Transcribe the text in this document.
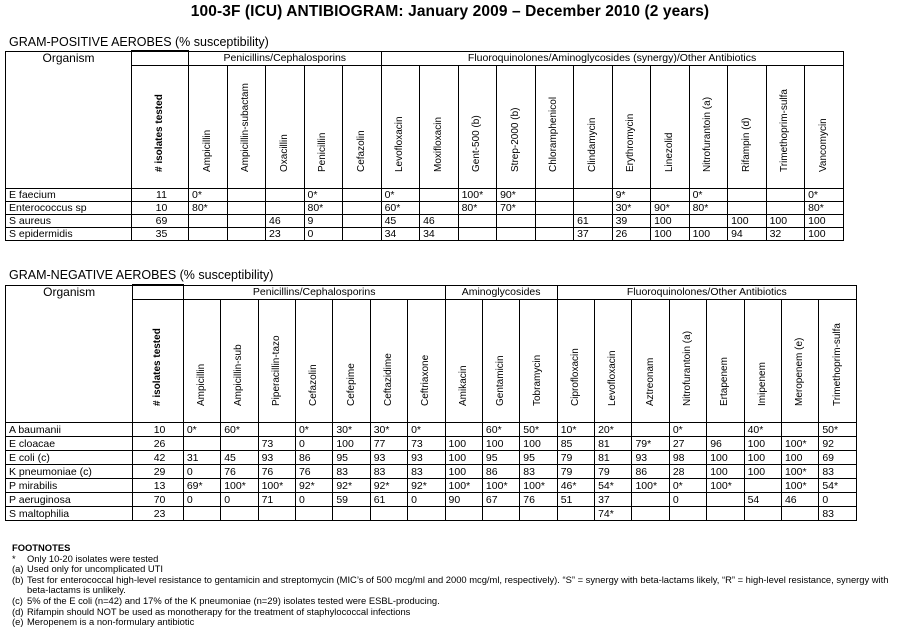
100-3F (ICU) ANTIBIOGRAM: January 2009 – December 2010 (2 years)
GRAM-POSITIVE AEROBES (% susceptibility)
Organism		Penicillins/Cephalosporins					Fluoroquinolones/Aminoglycosides (synergy)/Other Antibiotics											

	# isolates tested	Ampicillin	Ampicillin-subactam	Oxacillin	Penicillin	Cefazolin	Levofloxacin	Moxifloxacin	Gent-500 (b)	Strep-2000 (b)	Chloramphenicol	Clindamycin	Erythromycin	Linezolid	Nitrofurantoin (a)	Rifampin (d)	Trimethoprim-sulfa	Vancomycin

E faecium	11	0*			0*		0*		100*	90*			9*		0*			0*
Enterococcus sp	10	80*			80*		60*		80*	70*			30*	90*	80*			80*
S aureus	69			46	9		45	46				61	39	100		100	100	100
S epidermidis	35			23	0		34	34				37	26	100	100	94	32	100
GRAM-NEGATIVE AEROBES (% susceptibility)
Organism		Penicillins/Cephalosporins							Aminoglycosides			Fluoroquinolones/Other Antibiotics							

	# isolates tested	Ampicillin	Ampicillin-sub	Piperacillin-tazo	Cefazolin	Cefepime	Ceftazidime	Ceftriaxone	Amikacin	Gentamicin	Tobramycin	Ciprofloxacin	Levofloxacin	Aztreonam	Nitrofurantoin (a)	Ertapenem	Imipenem	Meropenem (e)	Trimethoprim-sulfa

A baumanii	10	0*	60*		0*	30*	30*	0*		60*	50*	10*	20*		0*		40*		50*
E cloacae	26			73	0	100	77	73	100	100	100	85	81	79*	27	96	100	100*	92
E coli (c)	42	31	45	93	86	95	93	93	100	95	95	79	81	93	98	100	100	100	69
K pneumoniae (c)	29	0	76	76	76	83	83	83	100	86	83	79	79	86	28	100	100	100*	83
P mirabilis	13	69*	100*	100*	92*	92*	92*	92*	100*	100*	100*	46*	54*	100*	0*	100*		100*	54*
P aeruginosa	70	0	0	71	0	59	61	0	90	67	76	51	37		0		54	46	0
S maltophilia	23												74*						83
FOOTNOTES
*	Only 10-20 isolates were tested
(a) Used only for uncomplicated UTI
(b) Test for enterococcal high-level resistance to gentamicin and streptomycin (MIC’s of 500 mcg/ml and 2000 mcg/ml, respectively). “S” = synergy with beta-lactams likely, “R” = high-level resistance, synergy with beta-lactams is unlikely.
(c) 5% of the E coli (n=42) and 17% of the K pneumoniae (n=29) isolates tested were ESBL-producing.
(d) Rifampin should NOT be used as monotherapy for the treatment of staphylococcal infections
(e) Meropenem is a non-formulary antibiotic
